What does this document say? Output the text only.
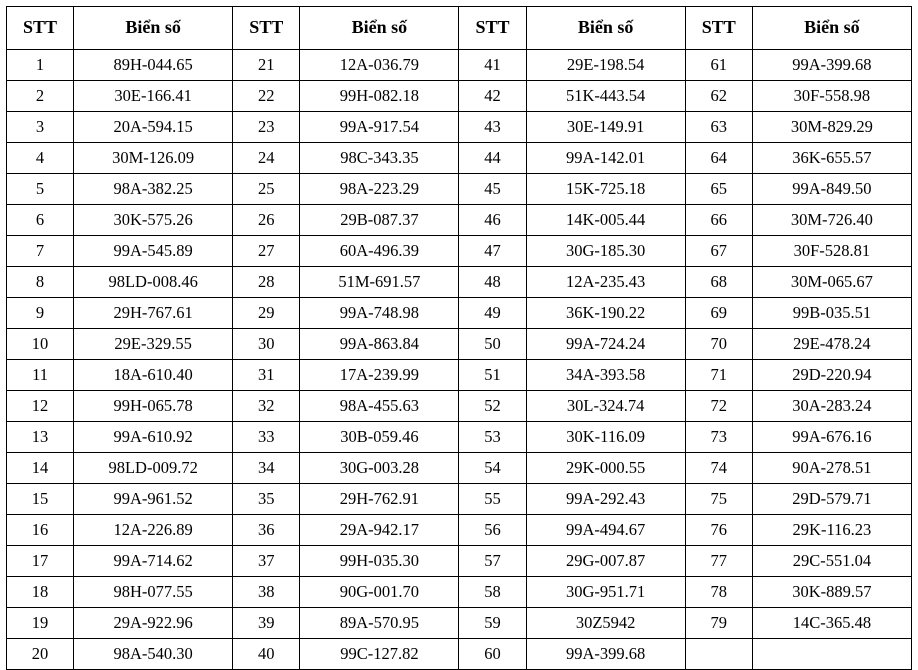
STT	Biển số	STT	Biển số	STT	Biển số	STT	Biển số
1	89H-044.65	21	12A-036.79	41	29E-198.54	61	99A-399.68
2	30E-166.41	22	99H-082.18	42	51K-443.54	62	30F-558.98
3	20A-594.15	23	99A-917.54	43	30E-149.91	63	30M-829.29
4	30M-126.09	24	98C-343.35	44	99A-142.01	64	36K-655.57
5	98A-382.25	25	98A-223.29	45	15K-725.18	65	99A-849.50
6	30K-575.26	26	29B-087.37	46	14K-005.44	66	30M-726.40
7	99A-545.89	27	60A-496.39	47	30G-185.30	67	30F-528.81
8	98LD-008.46	28	51M-691.57	48	12A-235.43	68	30M-065.67
9	29H-767.61	29	99A-748.98	49	36K-190.22	69	99B-035.51
10	29E-329.55	30	99A-863.84	50	99A-724.24	70	29E-478.24
11	18A-610.40	31	17A-239.99	51	34A-393.58	71	29D-220.94
12	99H-065.78	32	98A-455.63	52	30L-324.74	72	30A-283.24
13	99A-610.92	33	30B-059.46	53	30K-116.09	73	99A-676.16
14	98LD-009.72	34	30G-003.28	54	29K-000.55	74	90A-278.51
15	99A-961.52	35	29H-762.91	55	99A-292.43	75	29D-579.71
16	12A-226.89	36	29A-942.17	56	99A-494.67	76	29K-116.23
17	99A-714.62	37	99H-035.30	57	29G-007.87	77	29C-551.04
18	98H-077.55	38	90G-001.70	58	30G-951.71	78	30K-889.57
19	29A-922.96	39	89A-570.95	59	30Z5942	79	14C-365.48
20	98A-540.30	40	99C-127.82	60	99A-399.68		
